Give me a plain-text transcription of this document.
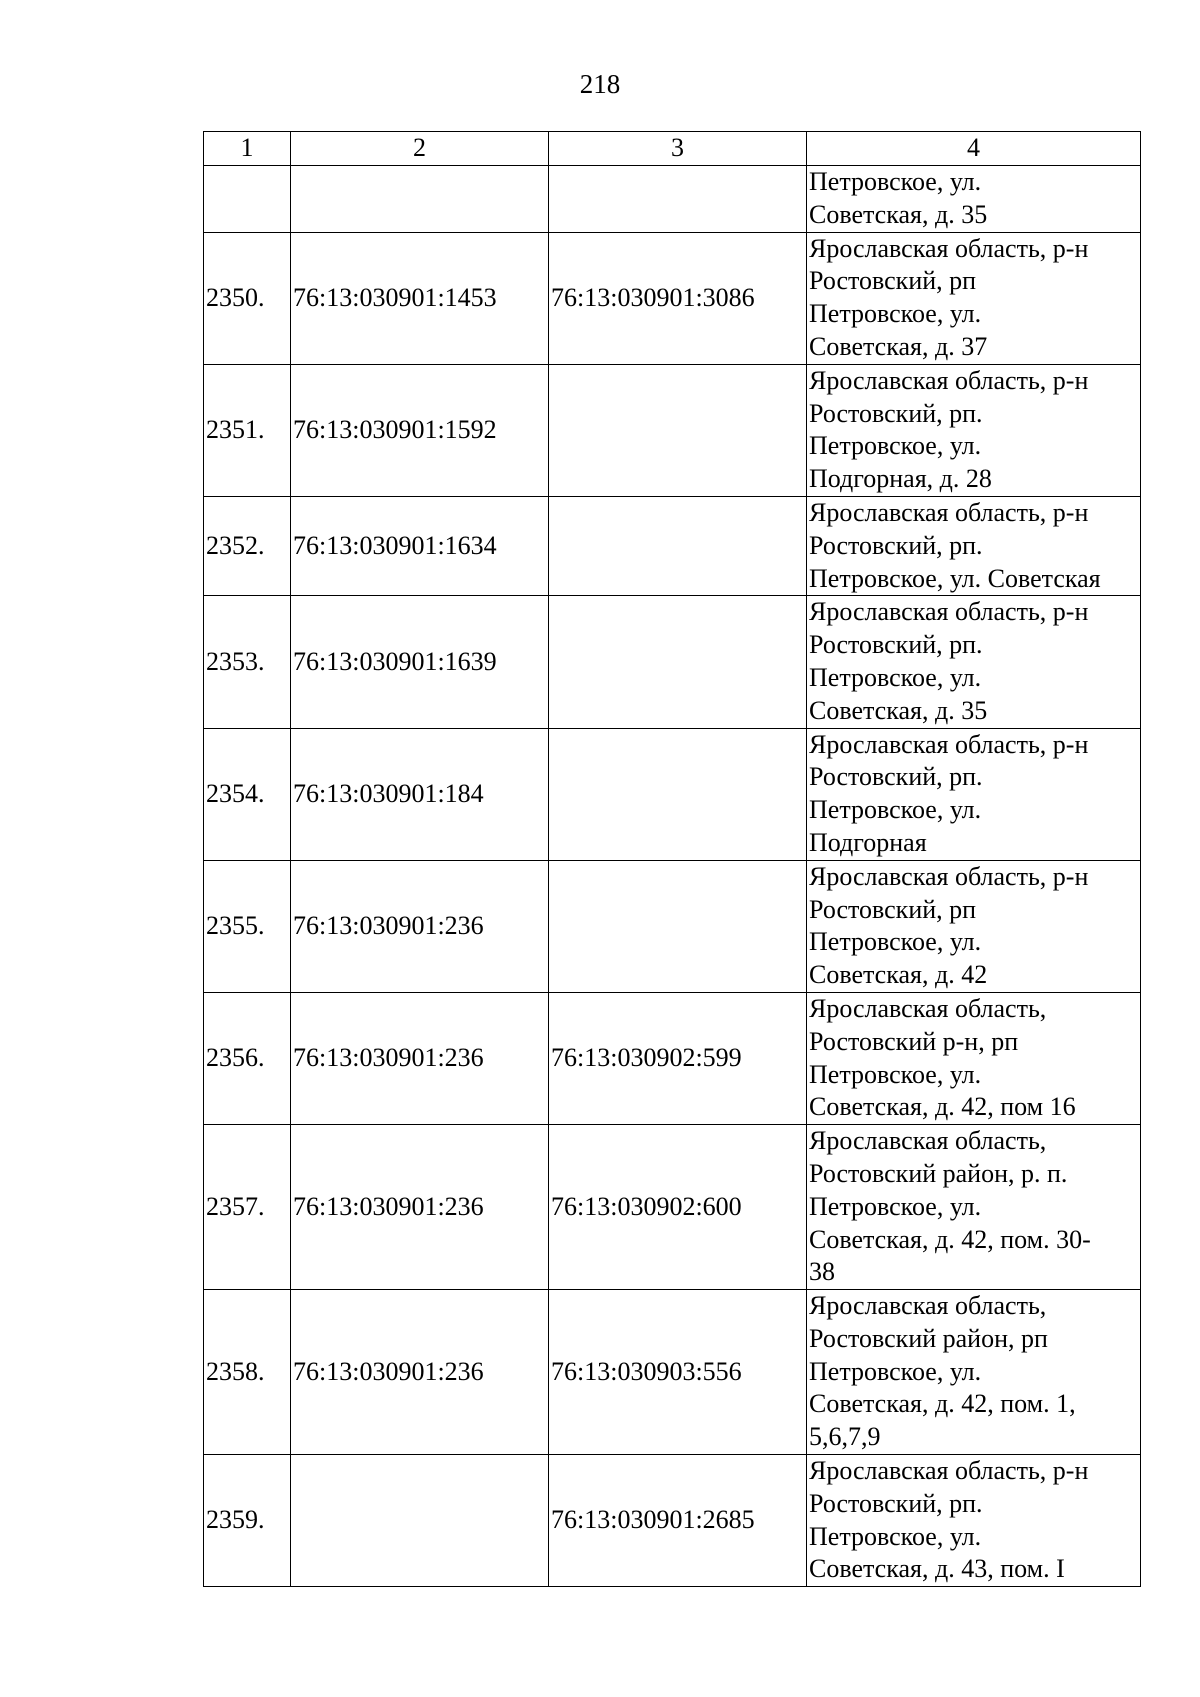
218
1	2	3	4

			Петровское, ул.
Советская, д. 35

2350.	76:13:030901:1453	76:13:030901:3086	Ярославская область, р-н
Ростовский, рп
Петровское, ул.
Советская, д. 37

2351.	76:13:030901:1592		Ярославская область, р-н
Ростовский, рп.
Петровское, ул.
Подгорная, д. 28

2352.	76:13:030901:1634		Ярославская область, р-н
Ростовский, рп.
Петровское, ул. Советская

2353.	76:13:030901:1639		Ярославская область, р-н
Ростовский, рп.
Петровское, ул.
Советская, д. 35

2354.	76:13:030901:184		Ярославская область, р-н
Ростовский, рп.
Петровское, ул.
Подгорная

2355.	76:13:030901:236		Ярославская область, р-н
Ростовский, рп
Петровское, ул.
Советская, д. 42

2356.	76:13:030901:236	76:13:030902:599	Ярославская область,
Ростовский р-н, рп
Петровское, ул.
Советская, д. 42, пом 16

2357.	76:13:030901:236	76:13:030902:600	Ярославская область,
Ростовский район, р. п.
Петровское, ул.
Советская, д. 42, пом. 30-
38

2358.	76:13:030901:236	76:13:030903:556	Ярославская область,
Ростовский район, рп
Петровское, ул.
Советская, д. 42, пом. 1,
5,6,7,9

2359.		76:13:030901:2685	Ярославская область, р-н
Ростовский, рп.
Петровское, ул.
Советская, д. 43, пом. I
